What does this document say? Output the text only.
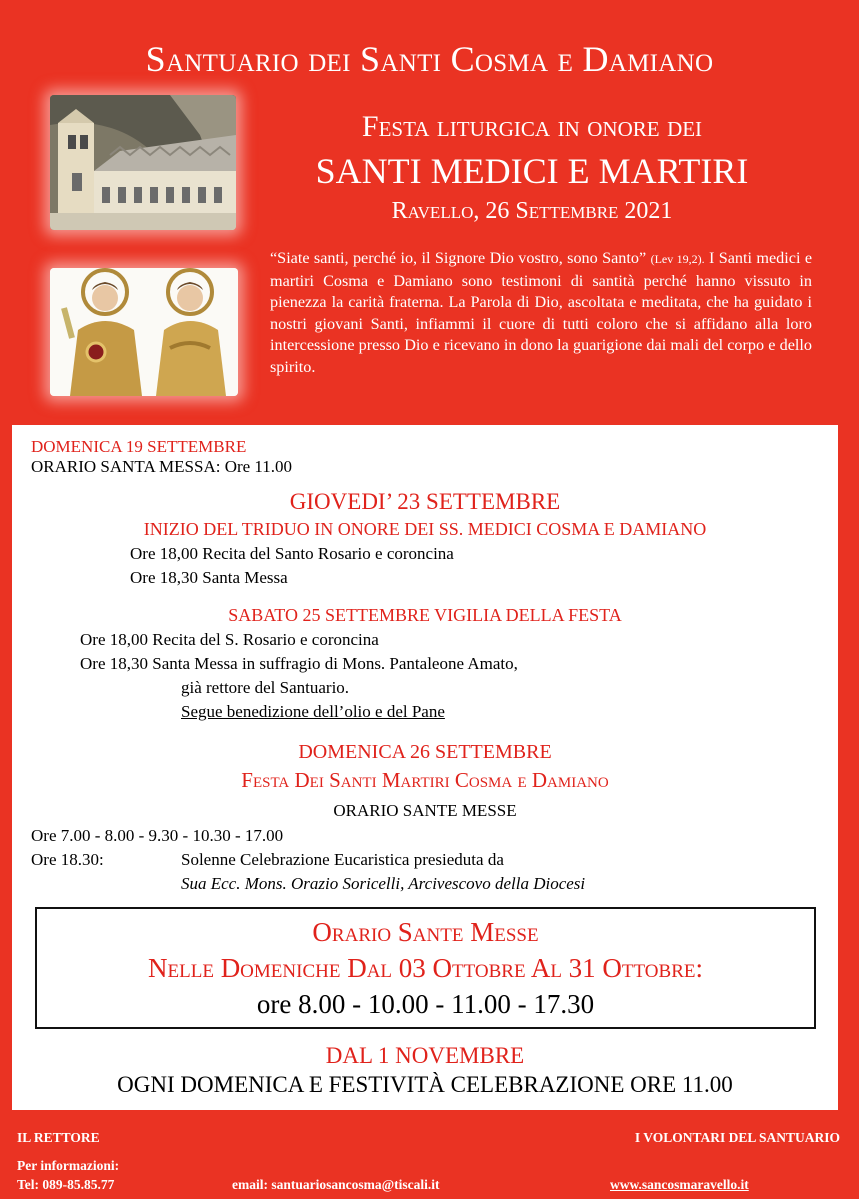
Santuario dei Santi Cosma e Damiano
Festa liturgica in onore dei
SANTI MEDICI E MARTIRI
Ravello, 26 Settembre 2021
“Siate santi, perché io, il Signore Dio vostro, sono Santo” (Lev 19,2). I Santi medici e martiri Cosma e Damiano sono testimoni di santità perché hanno vissuto in pienezza la carità fraterna. La Parola di Dio, ascoltata e meditata, che ha guidato i nostri giovani Santi, infiammi il cuore di tutti coloro che si affidano alla loro intercessione presso Dio e ricevano in dono la guarigione dai mali del corpo e dello spirito.
DOMENICA 19 SETTEMBRE
ORARIO SANTA MESSA: Ore 11.00
GIOVEDI’ 23 SETTEMBRE
INIZIO DEL TRIDUO IN ONORE DEI SS. MEDICI COSMA E DAMIANO
Ore 18,00 Recita del Santo Rosario e coroncina
Ore 18,30 Santa Messa
SABATO 25 SETTEMBRE VIGILIA DELLA FESTA
Ore 18,00 Recita del S. Rosario e coroncina
Ore 18,30 Santa Messa in suffragio di Mons. Pantaleone Amato,
già rettore del Santuario.
Segue benedizione dell’olio e del Pane
DOMENICA 26 SETTEMBRE
Festa Dei Santi Martiri Cosma e Damiano
ORARIO SANTE MESSE
Ore 7.00 - 8.00 - 9.30 - 10.30 - 17.00
Ore 18.30:	Solenne Celebrazione Eucaristica presieduta da
Sua Ecc. Mons. Orazio Soricelli, Arcivescovo della Diocesi
Orario Sante Messe
Nelle Domeniche Dal 03 Ottobre Al 31 Ottobre:
ore 8.00 - 10.00 - 11.00 - 17.30
DAL 1 NOVEMBRE
OGNI DOMENICA E FESTIVITÀ CELEBRAZIONE ORE 11.00
IL RETTORE	I VOLONTARI DEL SANTUARIO
Per informazioni:
Tel: 089-85.85.77	email: santuariosancosma@tiscali.it	www.sancosmaravello.it
